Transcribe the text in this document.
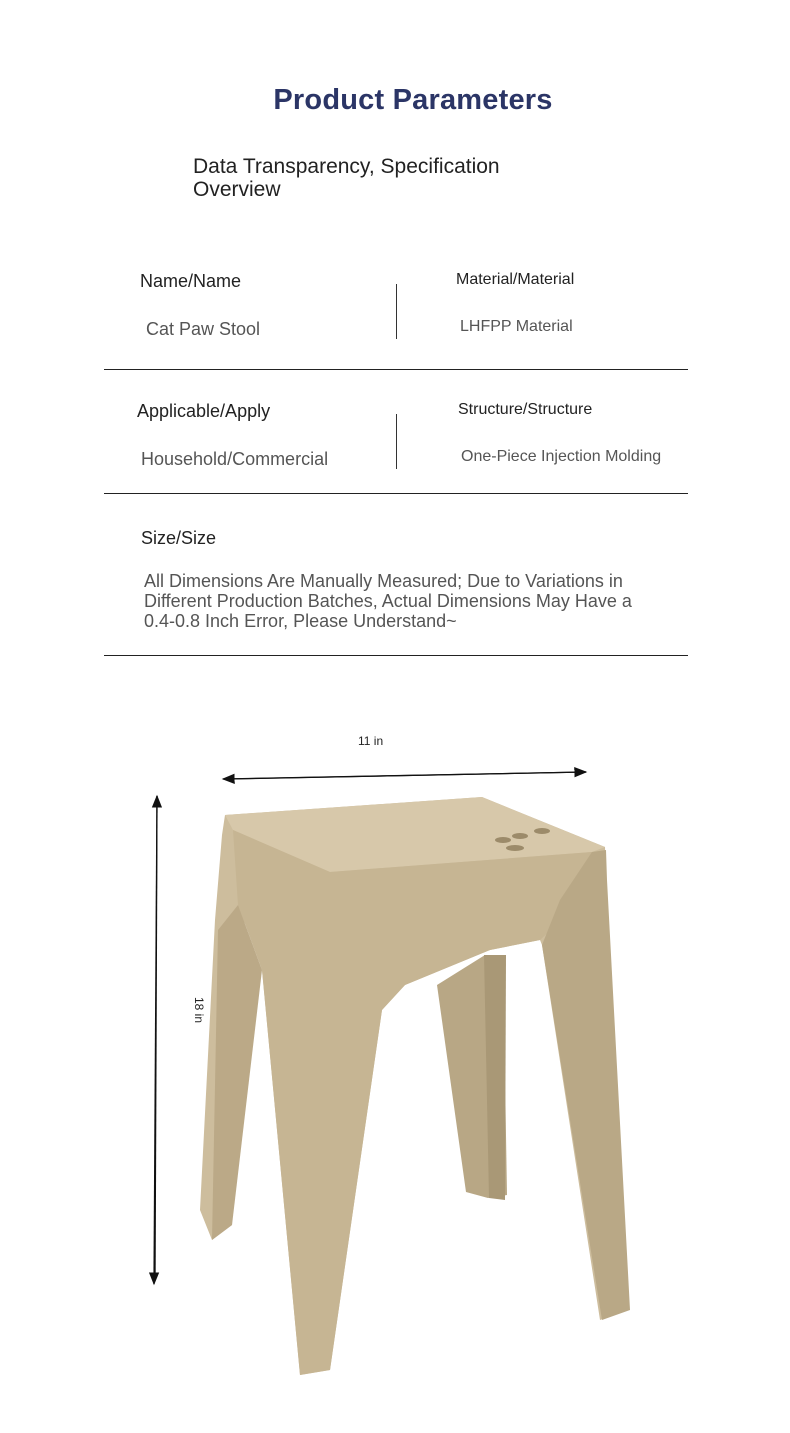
Product Parameters
Data Transparency, Specification Overview
Name/Name
Cat Paw Stool
Material/Material
LHFPP Material
Applicable/Apply
Household/Commercial
Structure/Structure
One-Piece Injection Molding
Size/Size
All Dimensions Are Manually Measured; Due to Variations in Different Production Batches, Actual Dimensions May Have a 0.4-0.8 Inch Error, Please Understand~
11 in
18 in
